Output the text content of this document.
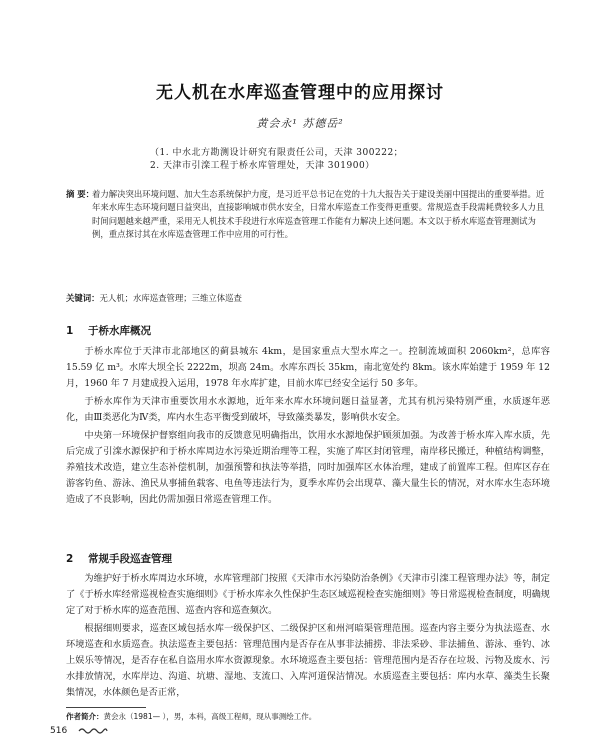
无人机在水库巡查管理中的应用探讨
黄会永¹ 苏德岳²
（1. 中水北方勘测设计研究有限责任公司，天津 300222；
2. 天津市引滦工程于桥水库管理处，天津 301900）
摘 要：
着力解决突出环境问题、加大生态系统保护力度，是习近平总书记在党的十九大报告关于建设美丽中国提出的重要举措。近年来水库生态环境问题日益突出，直接影响城市供水安全，日常水库巡查工作变得更重要。常规巡查手段需耗费较多人力且时间问题越来越严重，采用无人机技术手段进行水库巡查管理工作能有力解决上述问题。本文以于桥水库巡查管理测试为例，重点探讨其在水库巡查管理工作中应用的可行性。
关键词：无人机；水库巡查管理；三维立体巡查
1 于桥水库概况

于桥水库位于天津市北部地区的蓟县城东 4km，是国家重点大型水库之一。控制流域面积 2060km²，总库容 15.59 亿 m³。水库大坝全长 2222m，坝高 24m。水库东西长 35km，南北宽处约 8km。该水库始建于 1959 年 12 月，1960 年 7 月建成投入运用，1978 年水库扩建，目前水库已经安全运行 50 多年。

于桥水库作为天津市重要饮用水水源地，近年来水库水环境问题日益显著，尤其有机污染特别严重，水质逐年恶化，由Ⅲ类恶化为Ⅳ类，库内水生态平衡受到破坏，导致藻类暴发，影响供水安全。

中央第一环境保护督察组向我市的反馈意见明确指出，饮用水水源地保护顾须加强。为改善于桥水库入库水质，先后完成了引滦水源保护和于桥水库周边水污染近期治理等工程，实施了库区封闭管理，南岸移民搬迁，种植结构调整，养殖技术改造，建立生态补偿机制，加强预警和执法等举措，同时加强库区水体治理，建成了前置库工程。但库区存在游客钓鱼、游泳、渔民从事捕鱼载客、电鱼等违法行为，夏季水库仍会出现草、藻大量生长的情况，对水库水生态环境造成了不良影响，因此仍需加强日常巡查管理工作。

2 常规手段巡查管理

为维护好于桥水库周边水环境，水库管理部门按照《天津市水污染防治条例》《天津市引滦工程管理办法》等，制定了《于桥水库经常巡视检查实施细则》《于桥水库永久性保护生态区域巡视检查实施细则》等日常巡视检查制度，明确规定了对于桥水库的巡查范围、巡查内容和巡查频次。

根据细则要求，巡查区域包括水库一级保护区、二级保护区和州河暗渠管理范围。巡查内容主要分为执法巡查、水环境巡查和水质巡查。执法巡查主要包括：管理范围内是否存在从事非法捕捞、非法采砂、非法捕鱼、游泳、垂钓、冰上娱乐等情况，是否存在私自盗用水库水资源现象。水环境巡查主要包括：管理范围内是否存在垃圾、污物及废水、污水排放情况，水库岸边、沟道、坑塘、湿地、支流口、入库河道保洁情况。水质巡查主要包括：库内水草、藻类生长聚集情况，水体颜色是否正常，

作者简介：黄会永（1981— ），男，本科，高级工程师，现从事测绘工作。
516
